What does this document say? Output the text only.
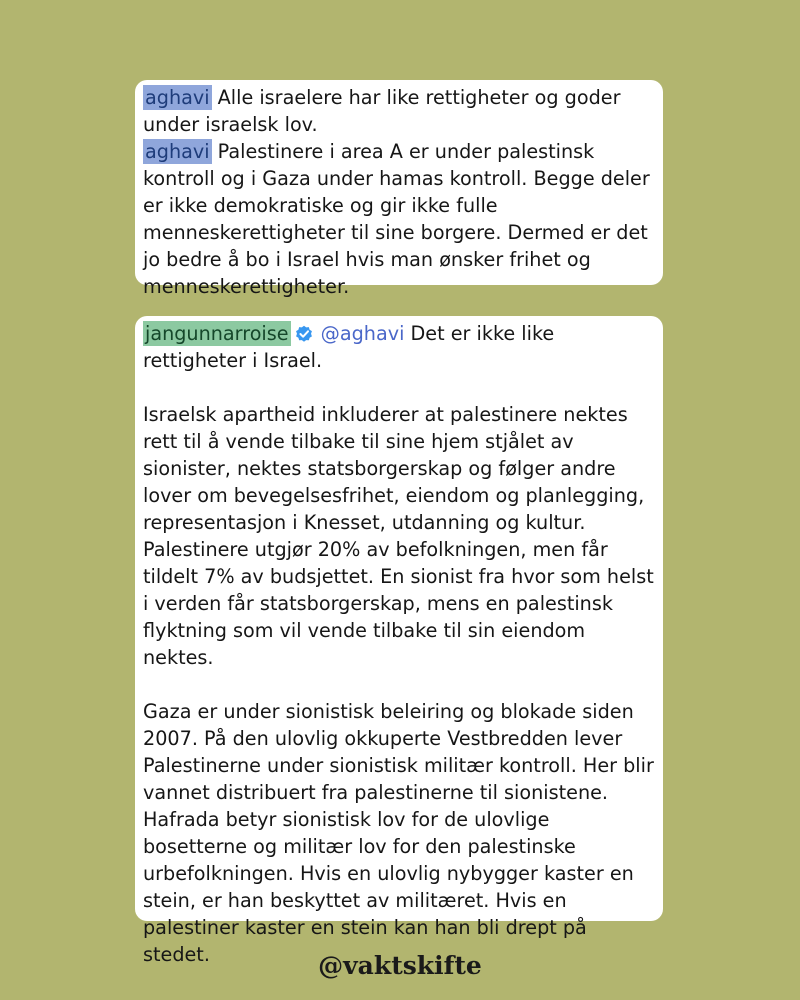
aghavi Alle israelere har like rettigheter og goder under israelsk lov.

aghavi Palestinere i area A er under palestinsk kontroll og i Gaza under hamas kontroll. Begge deler er ikke demokratiske og gir ikke fulle menneskerettigheter til sine borgere. Dermed er det jo bedre å bo i Israel hvis man ønsker frihet og menneskerettigheter.

jangunnarroise @aghavi Det er ikke like rettigheter i Israel.

Israelsk apartheid inkluderer at palestinere nektes rett til å vende tilbake til sine hjem stjålet av sionister, nektes statsborgerskap og følger andre lover om bevegelsesfrihet, eiendom og planlegging, representasjon i Knesset, utdanning og kultur. Palestinere utgjør 20% av befolkningen, men får tildelt 7% av budsjettet. En sionist fra hvor som helst i verden får statsborgerskap, mens en palestinsk flyktning som vil vende tilbake til sin eiendom nektes.

Gaza er under sionistisk beleiring og blokade siden 2007. På den ulovlig okkuperte Vestbredden lever Palestinerne under sionistisk militær kontroll. Her blir vannet distribuert fra palestinerne til sionistene. Hafrada betyr sionistisk lov for de ulovlige bosetterne og militær lov for den palestinske urbefolkningen. Hvis en ulovlig nybygger kaster en stein, er han beskyttet av militæret. Hvis en palestiner kaster en stein kan han bli drept på stedet.	@vaktskifte
